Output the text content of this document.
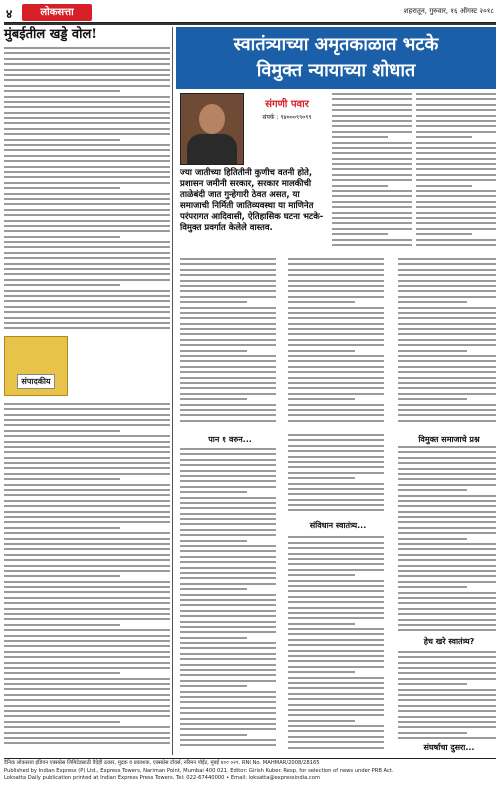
४	लोकसत्ता	शहरातून, गुरुवार, १६ ऑगस्ट २०१८
मुंबईतील खड्डे वोल!
संपादकीय
स्वातंत्र्याच्या अमृतकाळात भटके
विमुक्त न्यायाच्या शोधात
संगणी पवार
संपर्क : ९४०००९९०९९
ज्या जातीच्या हितितीनी कुणीच वतनी होते, प्रशासन जमीनी सरकार, सरकार मालकीची ताळेबंदी जात गुन्हेगारी ठेवत असत, या समाजाची निर्मिती जातिव्यवस्था या माणिनेत परंपरागत आदिवासी, ऐतिहासिक घटना भटके-विमुक्त प्रवर्गात केलेले वास्तव.
पान १ वरुन...
संविधान स्वातंत्र्य...
विमुक्त समाजाचे प्रश्न
हेच खरे स्वातंत्र्य?
संघर्षाचा दुसरा...

दैनिक लोकसत्ता इंडियन एक्सप्रेस लिमिटेडसाठी वैदेही ठकार, मुद्रक व प्रकाशक, एक्सप्रेस टॉवर्स, नरिमन पॉईंट, मुंबई ४०० ०२१. RNI No. MAHMAR/2008/28165

Published by Indian Express (P) Ltd., Express Towers, Nariman Point, Mumbai 400 021. Editor: Girish Kuber. Resp. for selection of news under PRB Act.

Loksatta Daily publication printed at Indian Express Press Towers. Tel: 022-67440000 • Email: loksatta@expressindia.com
